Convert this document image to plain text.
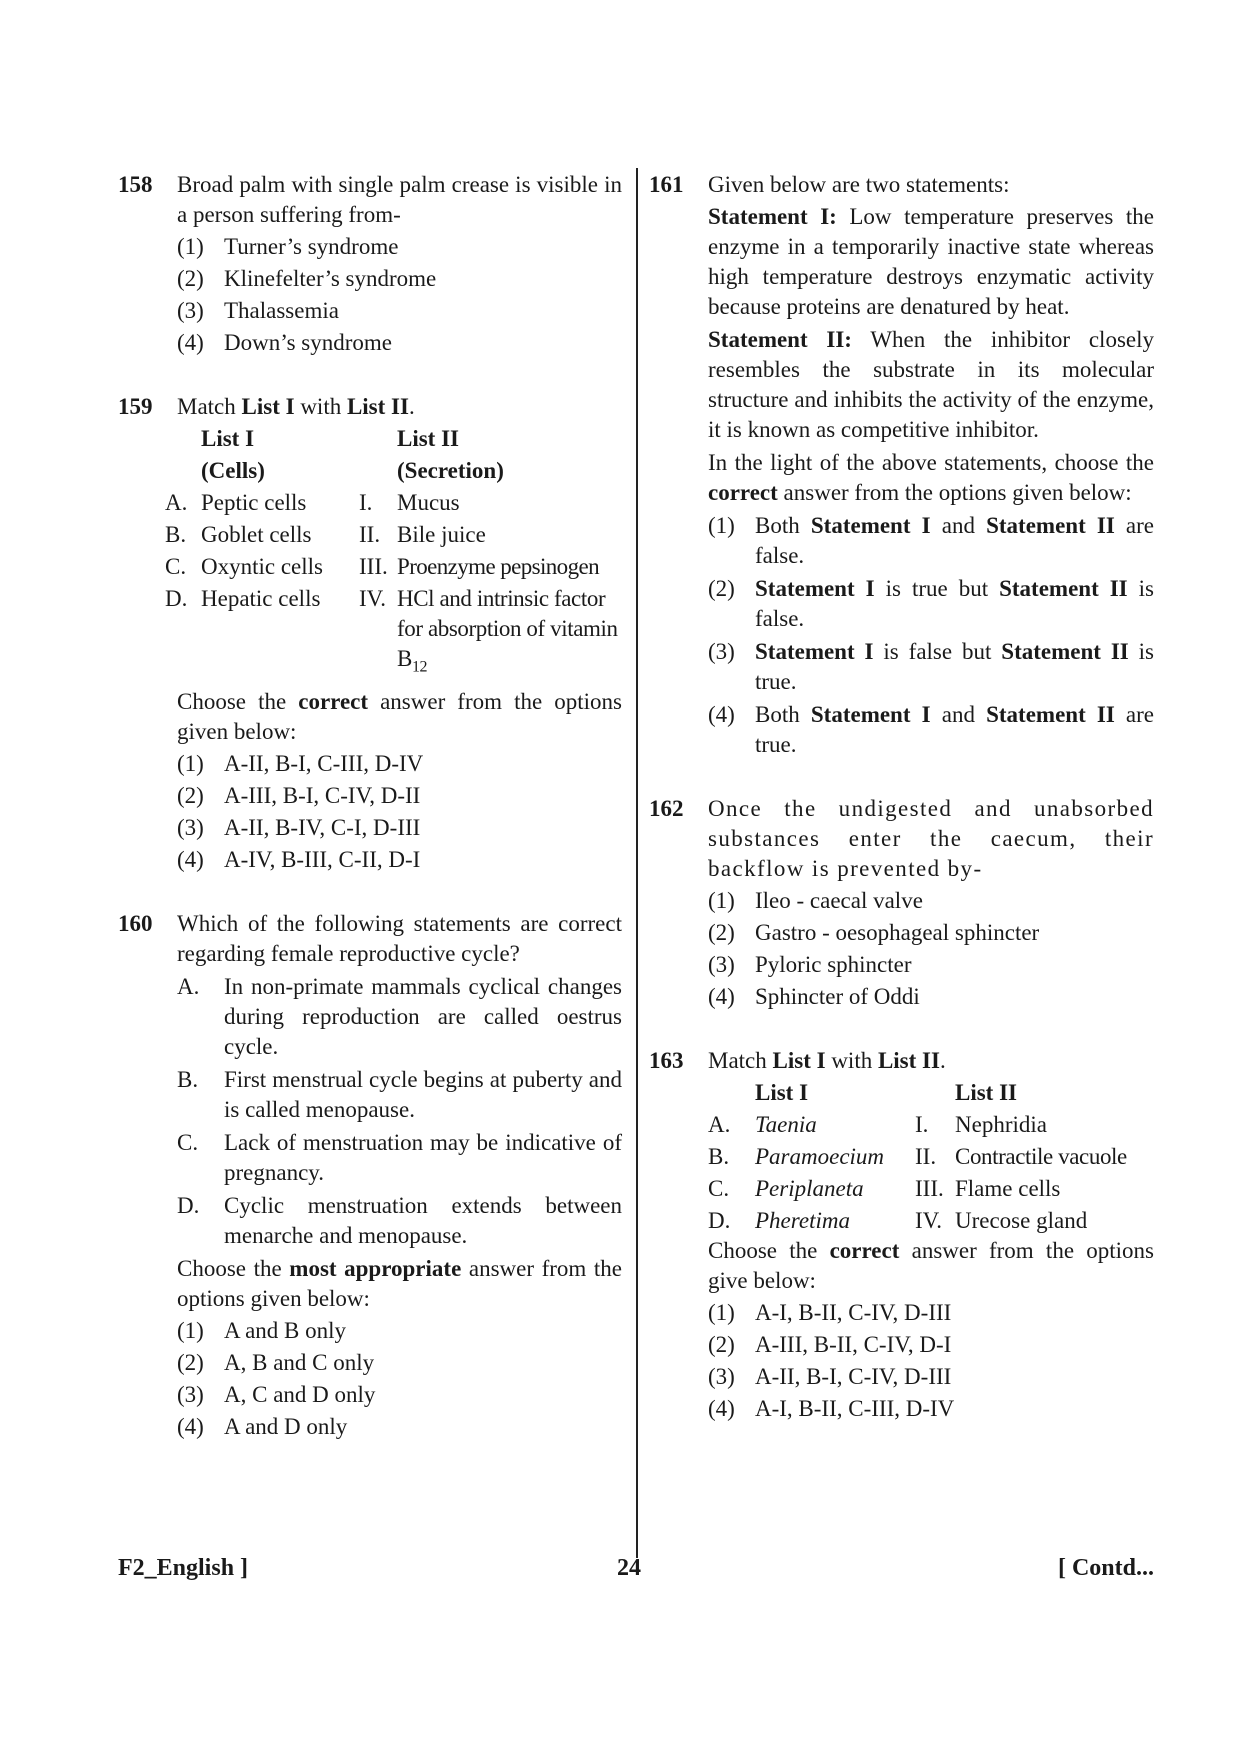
158 Broad palm with single palm crease is visible in a person suffering from-
(1) Turner’s syndrome
(2) Klinefelter’s syndrome
(3) Thalassemia
(4) Down’s syndrome
159 Match List I with List II.
List I	List II
(Cells)	(Secretion)
A. Peptic cells	I.	Mucus
B. Goblet cells	II. Bile juice
C. Oxyntic cells	III. Proenzyme pepsinogen
D. Hepatic cells	IV. HCl and intrinsic factor for absorption of vitamin $B_{12}$
Choose the correct answer from the options given below:
(1) A-II, B-I, C-III, D-IV
(2) A-III, B-I, C-IV, D-II
(3) A-II, B-IV, C-I, D-III
(4) A-IV, B-III, C-II, D-I
160 Which of the following statements are correct regarding female reproductive cycle?
A.	In non-primate mammals cyclical changes during reproduction are called oestrus cycle.
B.	First menstrual cycle begins at puberty and is called menopause.
C.	Lack of menstruation may be indicative of pregnancy.
D.	Cyclic menstruation extends between menarche and menopause.
Choose the most appropriate answer from the options given below:
(1) A and B only
(2) A, B and C only
(3) A, C and D only
(4) A and D only
161 Given below are two statements:
Statement I: Low temperature preserves the enzyme in a temporarily inactive state whereas high temperature destroys enzymatic activity because proteins are denatured by heat.
Statement II: When the inhibitor closely resembles the substrate in its molecular structure and inhibits the activity of the enzyme, it is known as competitive inhibitor.
In the light of the above statements, choose the correct answer from the options given below:
(1) Both Statement I and Statement II are false.
(2) Statement I is true but Statement II is false.
(3) Statement I is false but Statement II is true.
(4) Both Statement I and Statement II are true.
162 Once the undigested and unabsorbed substances enter the caecum, their backflow is prevented by-
(1) Ileo - caecal valve
(2) Gastro - oesophageal sphincter
(3) Pyloric sphincter
(4) Sphincter of Oddi
163 Match List I with List II.
List I	List II
A.	Taenia	I.	Nephridia
B.	Paramoecium	II. Contractile vacuole
C.	Periplaneta	III. Flame cells
D.	Pheretima	IV. Urecose gland
Choose the correct answer from the options give below:
(1) A-I, B-II, C-IV, D-III
(2) A-III, B-II, C-IV, D-I
(3) A-II, B-I, C-IV, D-III
(4) A-I, B-II, C-III, D-IV
F2_English ]	24	[ Contd...
